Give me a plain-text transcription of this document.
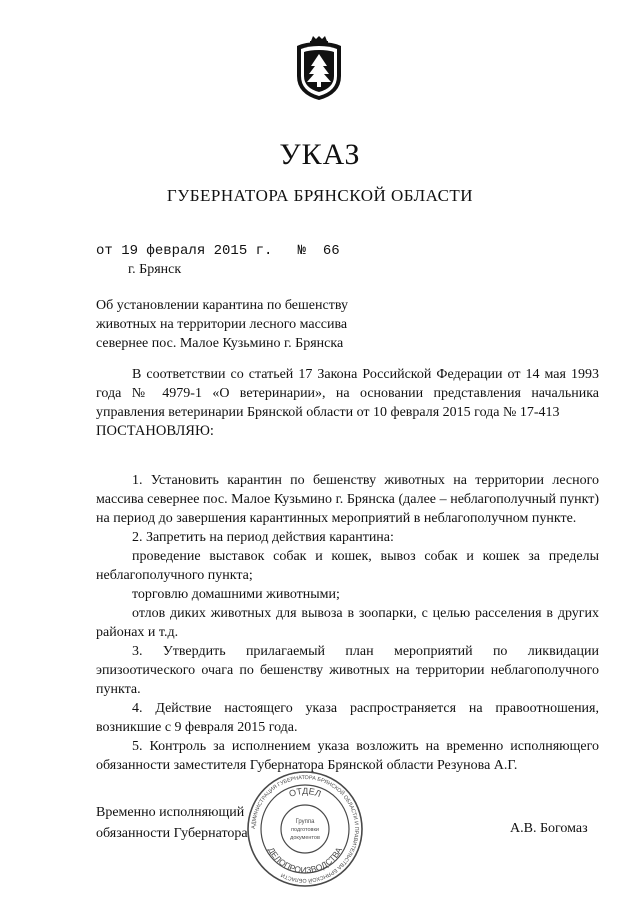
УКАЗ
ГУБЕРНАТОРА БРЯНСКОЙ ОБЛАСТИ
от 19 февраля 2015 г. № 66
г. Брянск
Об установлении карантина по бешенству животных на территории лесного массива севернее пос. Малое Кузьмино г. Брянска

В соответствии со статьей 17 Закона Российской Федерации от 14 мая 1993 года № 4979-1 «О ветеринарии», на основании представления начальника управления ветеринарии Брянской области от 10 февраля 2015 года № 17-413

ПОСТАНОВЛЯЮ:

1. Установить карантин по бешенству животных на территории лесного массива севернее пос. Малое Кузьмино г. Брянска (далее – неблагополучный пункт) на период до завершения карантинных мероприятий в неблагополучном пункте.

2. Запретить на период действия карантина:

проведение выставок собак и кошек, вывоз собак и кошек за пределы неблагополучного пункта;

торговлю домашними животными;

отлов диких животных для вывоза в зоопарки, с целью расселения в других районах и т.д.

3. Утвердить прилагаемый план мероприятий по ликвидации эпизоотического очага по бешенству животных на территории неблагополучного пункта.

4. Действие настоящего указа распространяется на правоотношения, возникшие с 9 февраля 2015 года.

5. Контроль за исполнением указа возложить на временно исполняющего обязанности заместителя Губернатора Брянской области Резунова А.Г.

Временно исполняющий
обязанности Губернатора	А.В. Богомаз
АДМИНИСТРАЦИЯ ГУБЕРНАТОРА БРЯНСКОЙ ОБЛАСТИ И ПРАВИТЕЛЬСТВА БРЯНСКОЙ ОБЛАСТИ
ОТДЕЛ
ДЕЛОПРОИЗВОДСТВА
Группа
подготовки
документов
